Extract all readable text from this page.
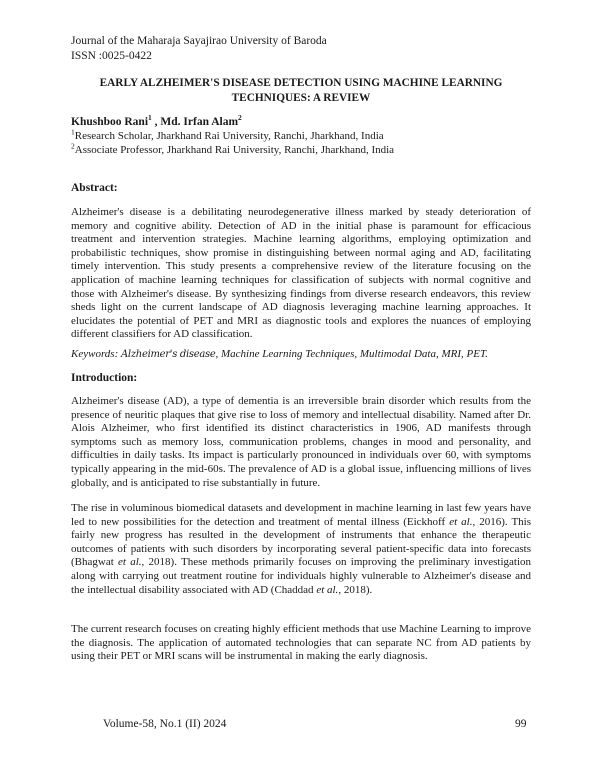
Journal of the Maharaja Sayajirao University of Baroda
ISSN :0025-0422
EARLY ALZHEIMER'S DISEASE DETECTION USING MACHINE LEARNING TECHNIQUES: A REVIEW
Khushboo Rani$^1$ , Md. Irfan Alam$^2$
$^1$Research Scholar, Jharkhand Rai University, Ranchi, Jharkhand, India
$^2$Associate Professor, Jharkhand Rai University, Ranchi, Jharkhand, India
Abstract:
Alzheimer's disease is a debilitating neurodegenerative illness marked by steady deterioration of memory and cognitive ability. Detection of AD in the initial phase is paramount for efficacious treatment and intervention strategies. Machine learning algorithms, employing optimization and probabilistic techniques, show promise in distinguishing between normal aging and AD, facilitating timely intervention. This study presents a comprehensive review of the literature focusing on the application of machine learning techniques for classification of subjects with normal cognitive and those with Alzheimer's disease. By synthesizing findings from diverse research endeavors, this review sheds light on the current landscape of AD diagnosis leveraging machine learning approaches. It elucidates the potential of PET and MRI as diagnostic tools and explores the nuances of employing different classifiers for AD classification.
Keywords: Alzheimer's disease, Machine Learning Techniques, Multimodal Data, MRI, PET.
Introduction:
Alzheimer's disease (AD), a type of dementia is an irreversible brain disorder which results from the presence of neuritic plaques that give rise to loss of memory and intellectual disability. Named after Dr. Alois Alzheimer, who first identified its distinct characteristics in 1906, AD manifests through symptoms such as memory loss, communication problems, changes in mood and personality, and difficulties in daily tasks. Its impact is particularly pronounced in individuals over 60, with symptoms typically appearing in the mid-60s. The prevalence of AD is a global issue, influencing millions of lives globally, and is anticipated to rise substantially in future.
The rise in voluminous biomedical datasets and development in machine learning in last few years have led to new possibilities for the detection and treatment of mental illness (Eickhoff et al., 2016). This fairly new progress has resulted in the development of instruments that enhance the therapeutic outcomes of patients with such disorders by incorporating several patient-specific data into forecasts (Bhagwat et al., 2018). These methods primarily focuses on improving the preliminary investigation along with carrying out treatment routine for individuals highly vulnerable to Alzheimer's disease and the intellectual disability associated with AD (Chaddad et al., 2018).
The current research focuses on creating highly efficient methods that use Machine Learning to improve the diagnosis. The application of automated technologies that can separate NC from AD patients by using their PET or MRI scans will be instrumental in making the early diagnosis.
Volume-58, No.1 (II) 2024	99
